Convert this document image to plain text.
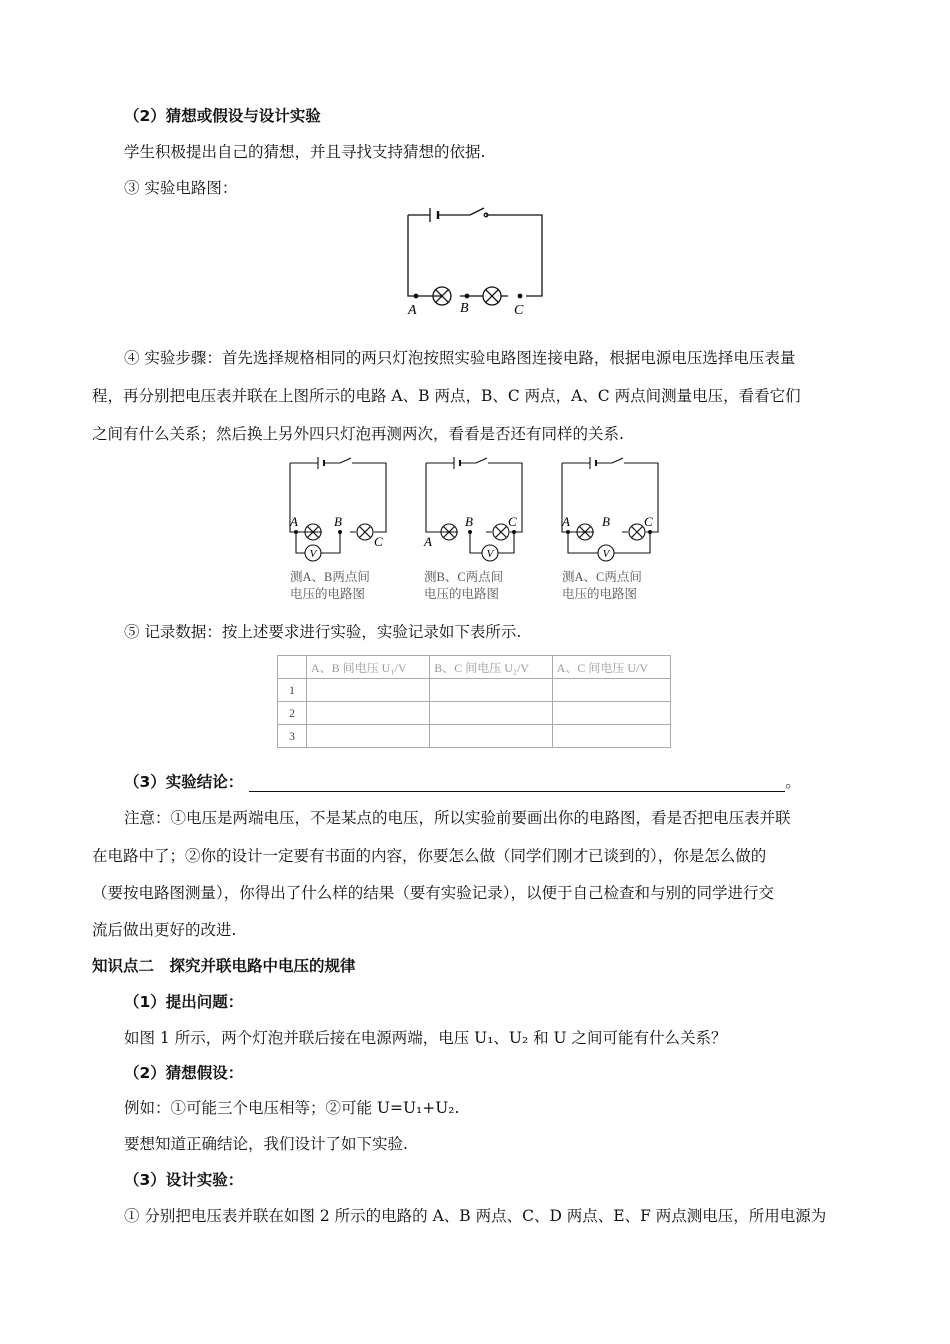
（2）猜想或假设与设计实验
学生积极提出自己的猜想，并且寻找支持猜想的依据.
③ 实验电路图：
A	B	C
④ 实验步骤：首先选择规格相同的两只灯泡按照实验电路图连接电路，根据电源电压选择电压表量
程，再分别把电压表并联在上图所示的电路 A、B 两点，B、C 两点，A、C 两点间测量电压，看看它们
之间有什么关系；然后换上另外四只灯泡再测两次，看看是否还有同样的关系.
V
A	B
C
测A、B两点间
电压的电路图
V
A
B	C
测B、C两点间
电压的电路图
V
A B	C
测A、C两点间
电压的电路图
⑤ 记录数据：按上述要求进行实验，实验记录如下表所示.
	A、B 间电压 U₁/V	B、C 间电压 U₂/V	A、C 间电压 U/V
1			
2			
3			
（3）实验结论：	。
注意：①电压是两端电压，不是某点的电压，所以实验前要画出你的电路图，看是否把电压表并联
在电路中了；②你的设计一定要有书面的内容，你要怎么做（同学们刚才已谈到的），你是怎么做的
（要按电路图测量），你得出了什么样的结果（要有实验记录），以便于自己检查和与别的同学进行交
流后做出更好的改进.
知识点二　探究并联电路中电压的规律
（1）提出问题：
如图 1 所示，两个灯泡并联后接在电源两端，电压 U₁、U₂ 和 U 之间可能有什么关系？
（2）猜想假设：
例如：①可能三个电压相等；②可能 U=U₁+U₂.
要想知道正确结论，我们设计了如下实验.
（3）设计实验：
① 分别把电压表并联在如图 2 所示的电路的 A、B 两点、C、D 两点、E、F 两点测电压，所用电源为
